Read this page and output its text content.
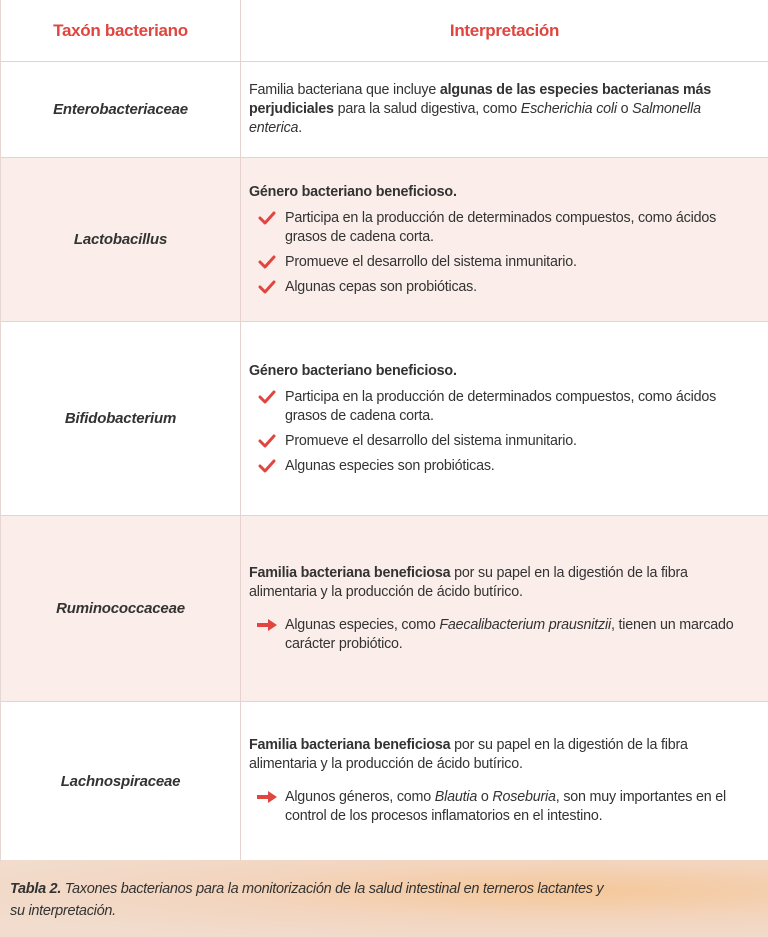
Taxón bacteriano	Interpretación
Enterobacteriaceae
Familia bacteriana que incluye algunas de las especies bacterianas más perjudiciales para la salud digestiva, como Escherichia coli o Salmonella enterica.
Lactobacillus
Género bacteriano beneficioso.
Participa en la producción de determinados compuestos, como ácidos grasos de cadena corta.
Promueve el desarrollo del sistema inmunitario.
Algunas cepas son probióticas.
Bifidobacterium
Género bacteriano beneficioso.
Participa en la producción de determinados compuestos, como ácidos grasos de cadena corta.
Promueve el desarrollo del sistema inmunitario.
Algunas especies son probióticas.
Ruminococcaceae
Familia bacteriana beneficiosa por su papel en la digestión de la fibra alimentaria y la producción de ácido butírico.
Algunas especies, como Faecalibacterium prausnitzii, tienen un marcado carácter probiótico.
Lachnospiraceae
Familia bacteriana beneficiosa por su papel en la digestión de la fibra alimentaria y la producción de ácido butírico.
Algunos géneros, como Blautia o Roseburia, son muy importantes en el control de los procesos inflamatorios en el intestino.
Tabla 2. Taxones bacterianos para la monitorización de la salud intestinal en terneros lactantes y su interpretación.
